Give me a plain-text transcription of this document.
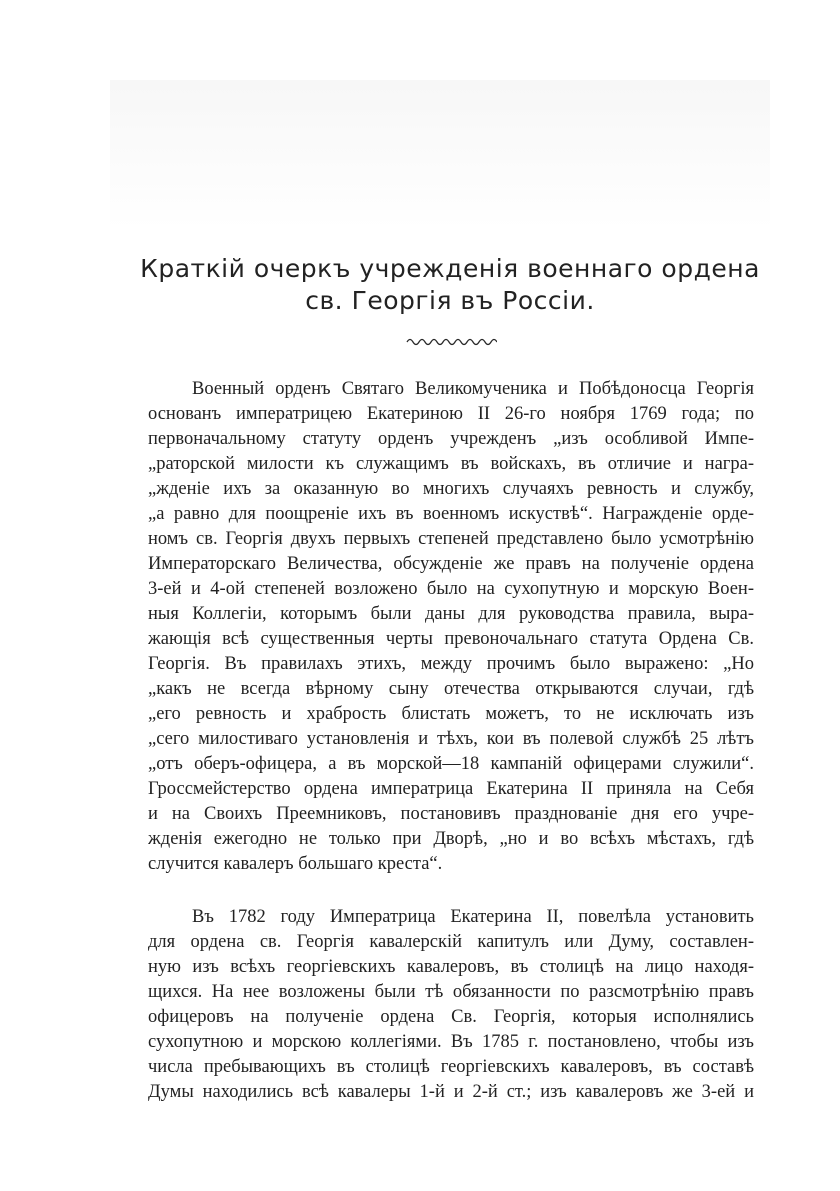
Краткій очеркъ учрежденія военнаго ордена
св. Георгія въ Россіи.
Военный орденъ Святаго Великомученика и Побѣдоносца Георгія
основанъ императрицею Екатериною II 26-го ноября 1769 года; по
первоначальному статуту орденъ учрежденъ „изъ особливой Импе-
„раторской милости къ служащимъ въ войскахъ, въ отличие и награ-
„жденіе ихъ за оказанную во многихъ случаяхъ ревность и службу,
„а равно для поощреніе ихъ въ военномъ искуствѣ“. Награжденіе орде-
номъ св. Георгія двухъ первыхъ степеней представлено было усмотрѣнію
Императорскаго Величества, обсужденіе же правъ на полученіе ордена
3-ей и 4-ой степеней возложено было на сухопутную и морскую Воен-
ныя Коллегіи, которымъ были даны для руководства правила, выра-
жающія всѣ существенныя черты превоночальнаго статута Ордена Св.
Георгія. Въ правилахъ этихъ, между прочимъ было выражено: „Но
„какъ не всегда вѣрному сыну отечества открываются случаи, гдѣ
„его ревность и храбрость блистать можетъ, то не исключать изъ
„сего милостиваго установленія и тѣхъ, кои въ полевой службѣ 25 лѣтъ
„отъ оберъ-офицера, а въ морской—18 кампаній офицерами служили“.
Гроссмейстерство ордена императрица Екатерина II приняла на Себя
и на Своихъ Преемниковъ, постановивъ празднованіе дня его учре-
жденія ежегодно не только при Дворѣ, „но и во всѣхъ мѣстахъ, гдѣ
случится кавалеръ большаго креста“.
Въ 1782 году Императрица Екатерина II, повелѣла установить
для ордена св. Георгія кавалерскій капитулъ или Думу, составлен-
ную изъ всѣхъ георгіевскихъ кавалеровъ, въ столицѣ на лицо находя-
щихся. На нее возложены были тѣ обязанности по разсмотрѣнію правъ
офицеровъ на полученіе ордена Св. Георгія, которыя исполнялись
сухопутною и морскою коллегіями. Въ 1785 г. постановлено, чтобы изъ
числа пребывающихъ въ столицѣ георгіевскихъ кавалеровъ, въ составѣ
Думы находились всѣ кавалеры 1-й и 2-й ст.; изъ кавалеровъ же 3-ей и
